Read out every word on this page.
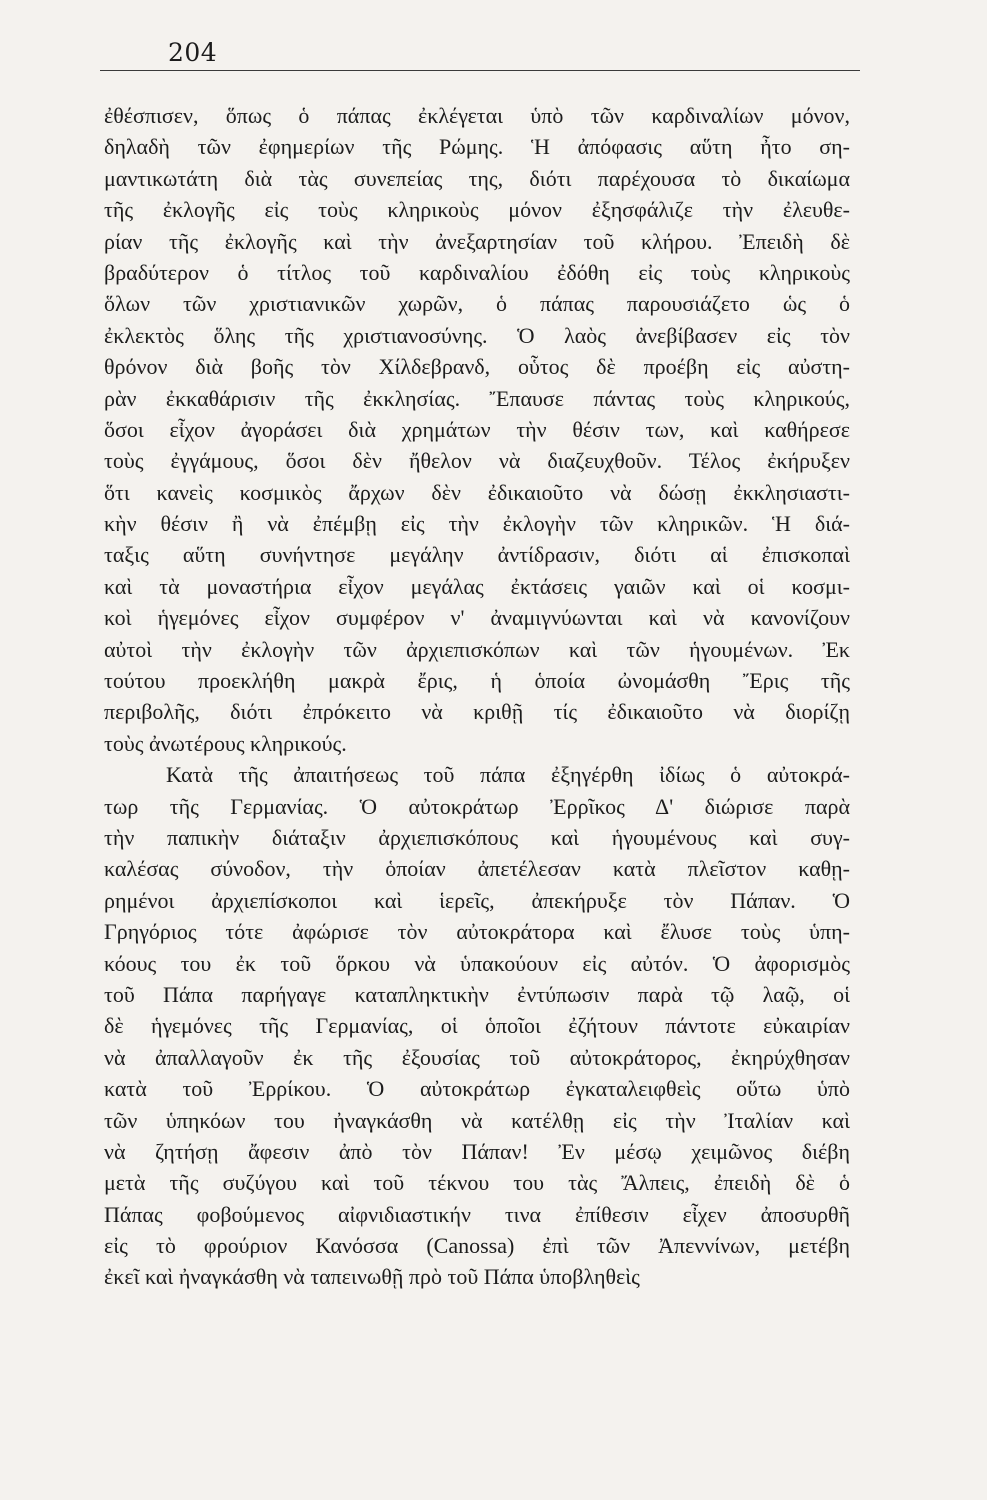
204
ἐθέσπισεν, ὅπως ὁ πάπας ἐκλέγεται ὑπὸ τῶν καρδιναλίων μόνον,
δηλαδὴ τῶν ἐφημερίων τῆς Ρώμης. Ἡ ἀπόφασις αὕτη ἦτο ση-
μαντικωτάτη διὰ τὰς συνεπείας της, διότι παρέχουσα τὸ δικαίωμα
τῆς ἐκλογῆς εἰς τοὺς κληρικοὺς μόνον ἐξησφάλιζε τὴν ἐλευθε-
ρίαν τῆς ἐκλογῆς καὶ τὴν ἀνεξαρτησίαν τοῦ κλήρου. Ἐπειδὴ δὲ
βραδύτερον ὁ τίτλος τοῦ καρδιναλίου ἐδόθη εἰς τοὺς κληρικοὺς
ὅλων τῶν χριστιανικῶν χωρῶν, ὁ πάπας παρουσιάζετο ὡς ὁ
ἐκλεκτὸς ὅλης τῆς χριστιανοσύνης. Ὁ λαὸς ἀνεβίβασεν εἰς τὸν
θρόνον διὰ βοῆς τὸν Χίλδεβρανδ, οὗτος δὲ προέβη εἰς αὐστη-
ρὰν ἐκκαθάρισιν τῆς ἐκκλησίας. Ἔπαυσε πάντας τοὺς κληρικούς,
ὅσοι εἶχον ἀγοράσει διὰ χρημάτων τὴν θέσιν των, καὶ καθήρεσε
τοὺς ἐγγάμους, ὅσοι δὲν ἤθελον νὰ διαζευχθοῦν. Τέλος ἐκήρυξεν
ὅτι κανεὶς κοσμικὸς ἄρχων δὲν ἐδικαιοῦτο νὰ δώσῃ ἐκκλησιαστι-
κὴν θέσιν ἢ νὰ ἐπέμβῃ εἰς τὴν ἐκλογὴν τῶν κληρικῶν. Ἡ διά-
ταξις αὕτη συνήντησε μεγάλην ἀντίδρασιν, διότι αἱ ἐπισκοπαὶ
καὶ τὰ μοναστήρια εἶχον μεγάλας ἐκτάσεις γαιῶν καὶ οἱ κοσμι-
κοὶ ἡγεμόνες εἶχον συμφέρον ν' ἀναμιγνύωνται καὶ νὰ κανονίζουν
αὐτοὶ τὴν ἐκλογὴν τῶν ἀρχιεπισκόπων καὶ τῶν ἡγουμένων. Ἐκ
τούτου προεκλήθη μακρὰ ἔρις, ἡ ὁποία ὠνομάσθη Ἔρις τῆς
περιβολῆς, διότι ἐπρόκειτο νὰ κριθῇ τίς ἐδικαιοῦτο νὰ διορίζῃ
τοὺς ἀνωτέρους κληρικούς.
Κατὰ τῆς ἀπαιτήσεως τοῦ πάπα ἐξηγέρθη ἰδίως ὁ αὐτοκρά-
τωρ τῆς Γερμανίας. Ὁ αὐτοκράτωρ Ἐρρῖκος Δ' διώρισε παρὰ
τὴν παπικὴν διάταξιν ἀρχιεπισκόπους καὶ ἡγουμένους καὶ συγ-
καλέσας σύνοδον, τὴν ὁποίαν ἀπετέλεσαν κατὰ πλεῖστον καθῃ-
ρημένοι ἀρχιεπίσκοποι καὶ ἱερεῖς, ἀπεκήρυξε τὸν Πάπαν. Ὁ
Γρηγόριος τότε ἀφώρισε τὸν αὐτοκράτορα καὶ ἔλυσε τοὺς ὑπη-
κόους του ἐκ τοῦ ὅρκου νὰ ὑπακούουν εἰς αὐτόν. Ὁ ἀφορισμὸς
τοῦ Πάπα παρήγαγε καταπληκτικὴν ἐντύπωσιν παρὰ τῷ λαῷ, οἱ
δὲ ἡγεμόνες τῆς Γερμανίας, οἱ ὁποῖοι ἐζήτουν πάντοτε εὐκαιρίαν
νὰ ἀπαλλαγοῦν ἐκ τῆς ἐξουσίας τοῦ αὐτοκράτορος, ἐκηρύχθησαν
κατὰ τοῦ Ἐρρίκου. Ὁ αὐτοκράτωρ ἐγκαταλειφθεὶς οὕτω ὑπὸ
τῶν ὑπηκόων του ἠναγκάσθη νὰ κατέλθῃ εἰς τὴν Ἰταλίαν καὶ
νὰ ζητήσῃ ἄφεσιν ἀπὸ τὸν Πάπαν! Ἐν μέσῳ χειμῶνος διέβη
μετὰ τῆς συζύγου καὶ τοῦ τέκνου του τὰς Ἄλπεις, ἐπειδὴ δὲ ὁ
Πάπας φοβούμενος αἰφνιδιαστικήν τινα ἐπίθεσιν εἶχεν ἀποσυρθῆ
εἰς τὸ φρούριον Κανόσσα (Canossa) ἐπὶ τῶν Ἀπεννίνων, μετέβη
ἐκεῖ καὶ ἠναγκάσθη νὰ ταπεινωθῇ πρὸ τοῦ Πάπα ὑποβληθεὶς
